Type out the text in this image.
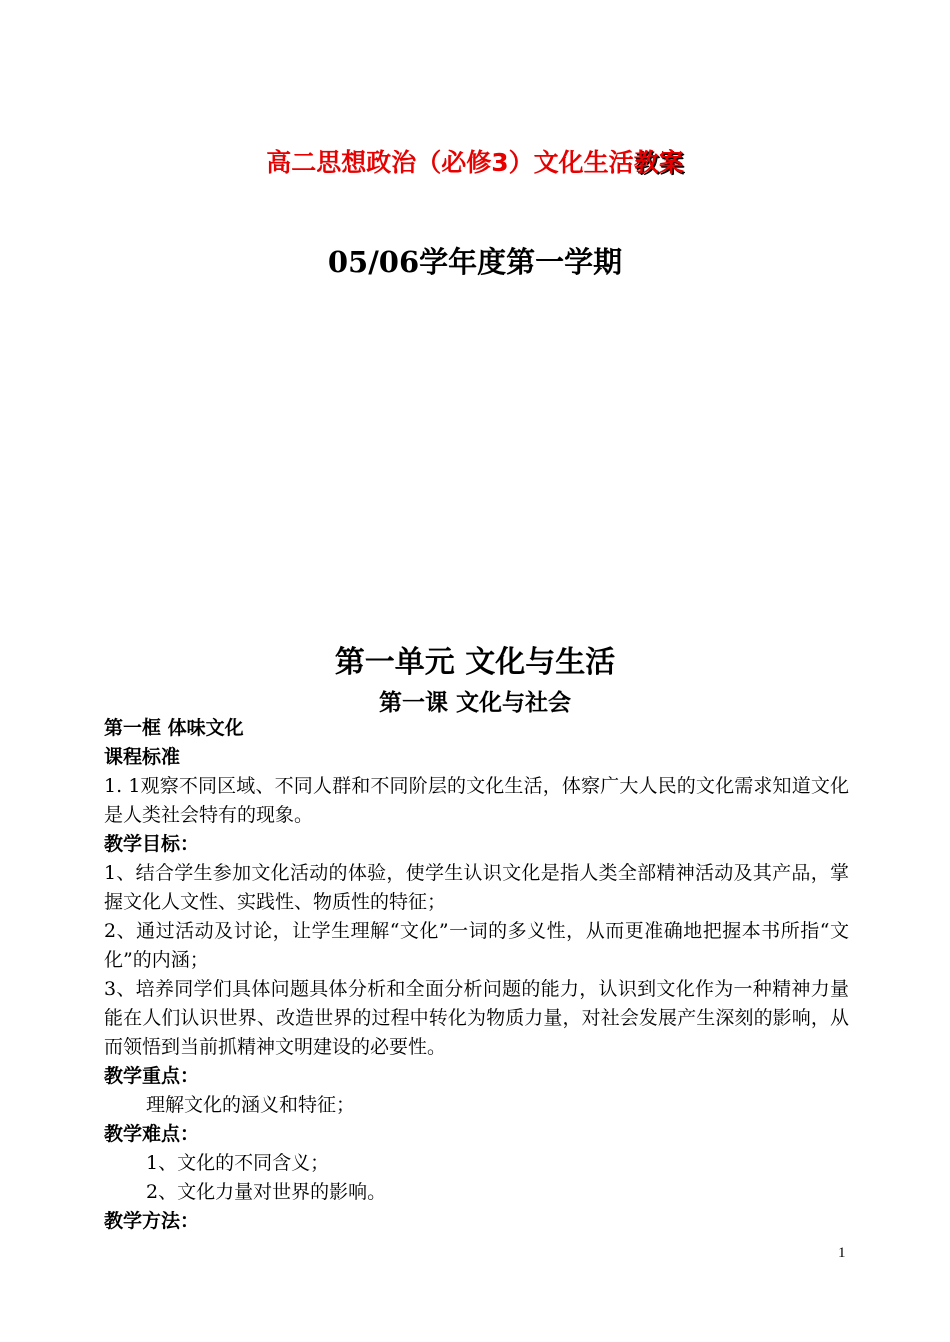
高二思想政治（必修3）文化生活教案
05/06学年度第一学期
第一单元 文化与生活
第一课 文化与社会
第一框 体味文化
课程标准
1. 1观察不同区域、不同人群和不同阶层的文化生活，体察广大人民的文化需求知道文化是人类社会特有的现象。
教学目标：
1、结合学生参加文化活动的体验，使学生认识文化是指人类全部精神活动及其产品，掌握文化人文性、实践性、物质性的特征；
2、通过活动及讨论，让学生理解“文化”一词的多义性，从而更准确地把握本书所指“文化”的内涵；
3、培养同学们具体问题具体分析和全面分析问题的能力，认识到文化作为一种精神力量能在人们认识世界、改造世界的过程中转化为物质力量，对社会发展产生深刻的影响，从而领悟到当前抓精神文明建设的必要性。
教学重点：
理解文化的涵义和特征；
教学难点：
1、文化的不同含义；
2、文化力量对世界的影响。
教学方法：
1
